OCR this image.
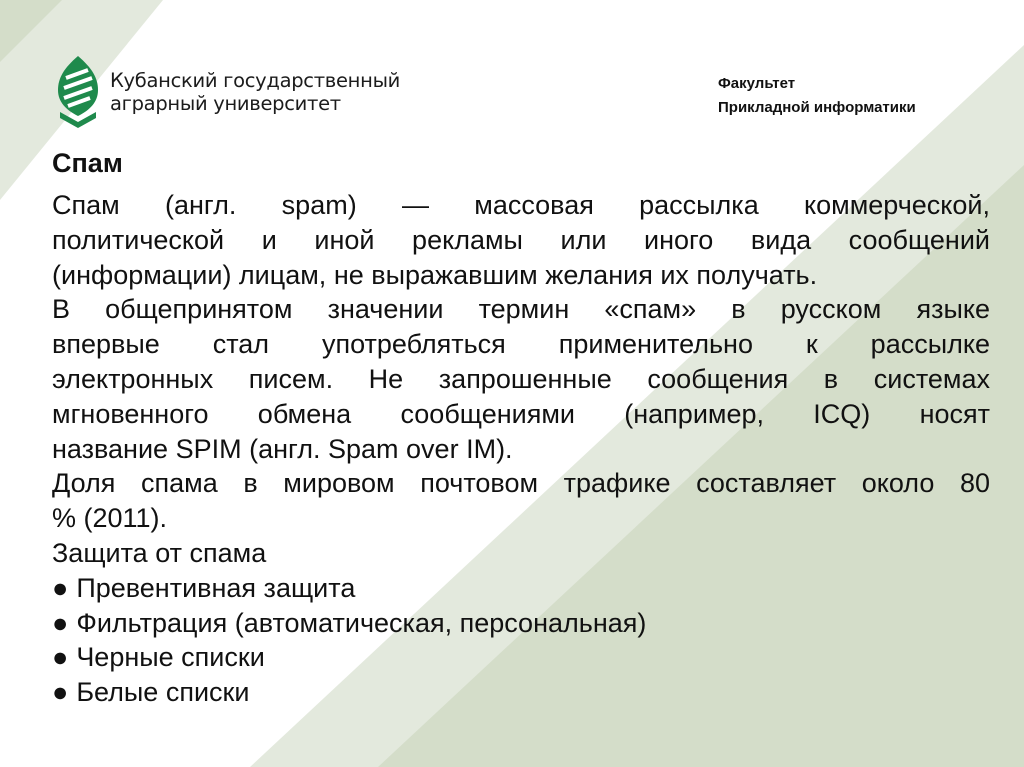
Кубанский государственный
аграрный университет
Факультет
Прикладной информатики
Спам
Спам (англ. spam) — массовая рассылка коммерческой,
политической и иной рекламы или иного вида сообщений
(информации) лицам, не выражавшим желания их получать.
В общепринятом значении термин «спам» в русском языке
впервые стал употребляться применительно к рассылке
электронных писем. Не запрошенные сообщения в системах
мгновенного обмена сообщениями (например, ICQ) носят
название SPIM (англ. Spam over IM).
Доля спама в мировом почтовом трафике составляет около 80
% (2011).
Защита от спама
● Превентивная защита
● Фильтрация (автоматическая, персональная)
● Черные списки
● Белые списки
